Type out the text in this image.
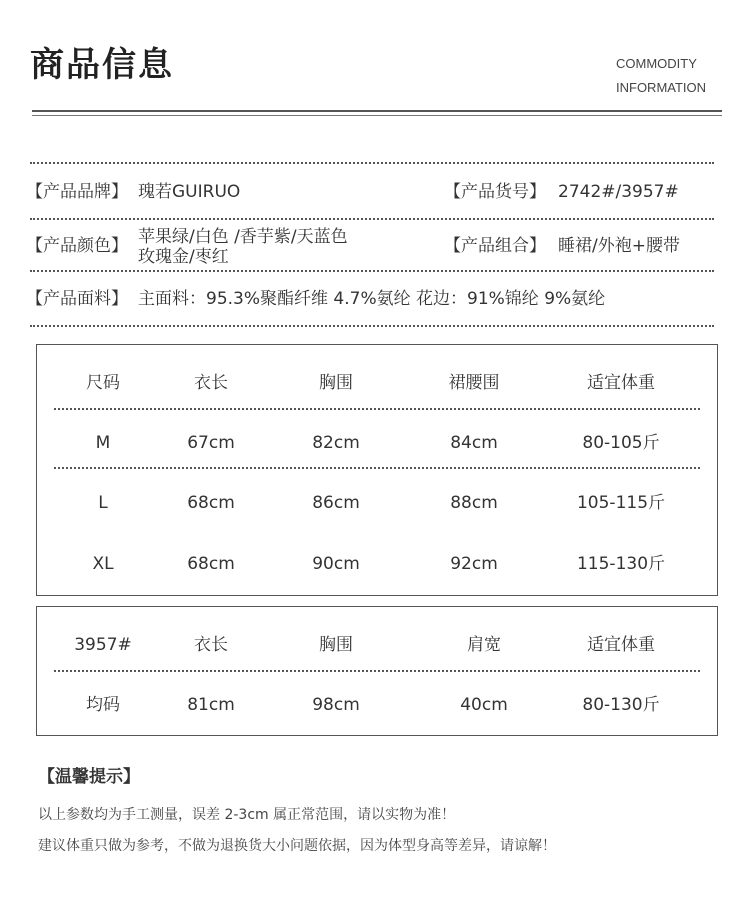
商品信息	COMMODITY
INFORMATION
【产品品牌】 瑰若GUIRUO	【产品货号】 2742#/3957#
【产品颜色】 苹果绿/白色 /香芋紫/天蓝色
玫瑰金/枣红
【产品组合】 睡裙/外袍+腰带
【产品面料】 主面料：95.3%聚酯纤维 4.7%氨纶 花边：91%锦纶 9%氨纶
尺码	衣长	胸围	裙腰围	适宜体重
M	67cm	82cm	84cm	80-105斤
L	68cm	86cm	88cm	105-115斤
XL	68cm	90cm	92cm	115-130斤
3957#	衣长	胸围	肩宽	适宜体重
均码	81cm	98cm	40cm	80-130斤
【温馨提示】
以上参数均为手工测量，误差 2-3cm 属正常范围，请以实物为准！
建议体重只做为参考，不做为退换货大小问题依据，因为体型身高等差异，请谅解！
